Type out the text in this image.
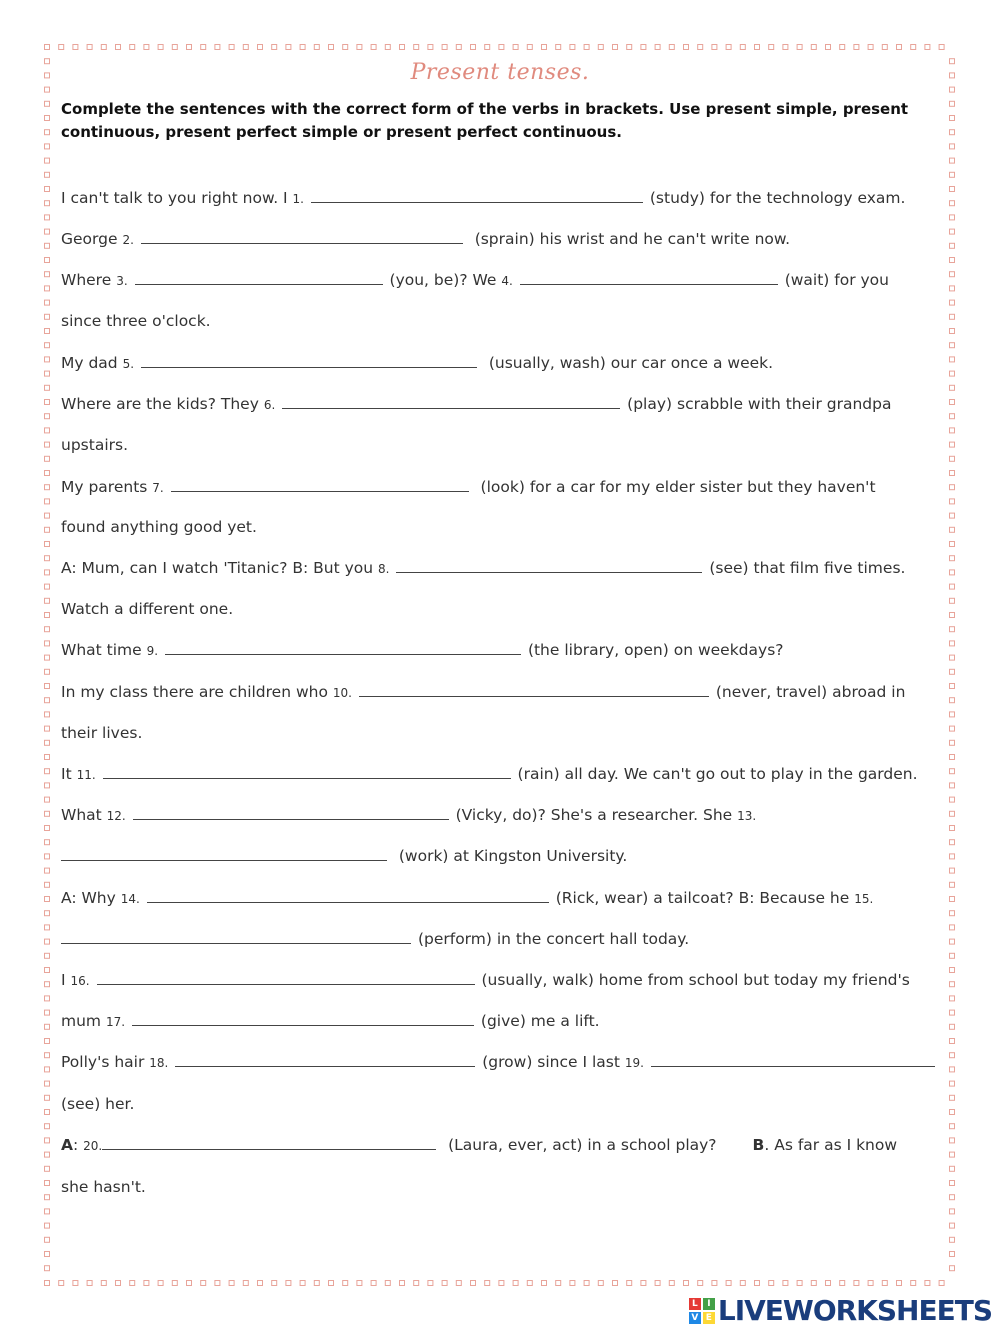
Present tenses.
Complete the sentences with the correct form of the verbs in brackets. Use present simple, present continuous, present perfect simple or present perfect continuous.
I can't talk to you right now. I 1.	(study) for the technology exam.
George 2.	(sprain) his wrist and he can't write now.
Where 3.	(you, be)? We 4.	(wait) for you
since three o'clock.
My dad 5.	(usually, wash) our car once a week.
Where are the kids? They 6.	(play) scrabble with their grandpa
upstairs.
My parents 7.	(look) for a car for my elder sister but they haven't
found anything good yet.
A: Mum, can I watch 'Titanic? B: But you 8.	(see) that film five times.
Watch a different one.
What time 9.	(the library, open) on weekdays?
In my class there are children who 10.	(never, travel) abroad in
their lives.
It 11.	(rain) all day. We can't go out to play in the garden.
What 12.	(Vicky, do)? She's a researcher. She 13.
(work) at Kingston University.
A: Why 14.	(Rick, wear) a tailcoat? B: Because he 15.
(perform) in the concert hall today.
I 16.	(usually, walk) home from school but today my friend's
mum 17.	(give) me a lift.
Polly's hair 18.	(grow) since I last 19.
(see) her.
A: 20.	(Laura, ever, act) in a school play? B. As far as I know
she hasn't.
L	I
V E LIVEWORKSHEETS
